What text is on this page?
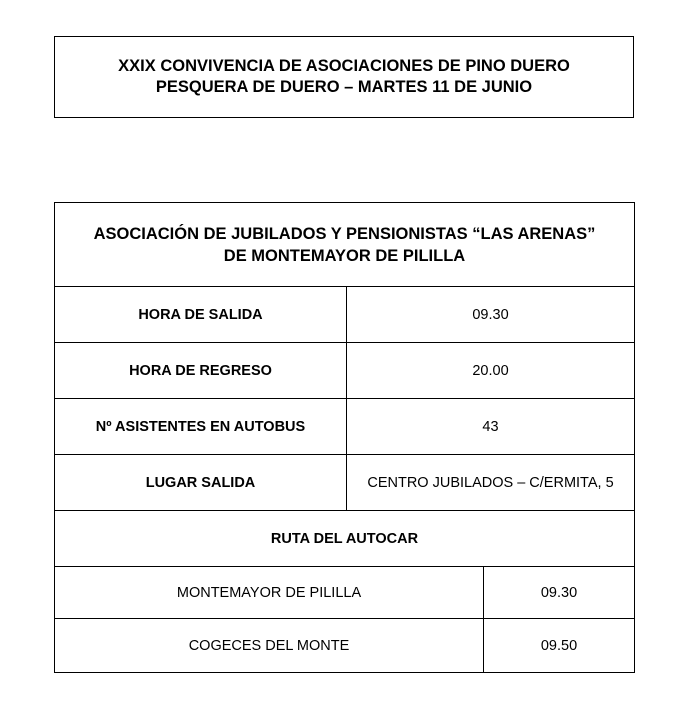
XXIX CONVIVENCIA DE ASOCIACIONES DE PINO DUERO
PESQUERA DE DUERO – MARTES 11 DE JUNIO
ASOCIACIÓN DE JUBILADOS Y PENSIONISTAS “LAS ARENAS” DE MONTEMAYOR DE PILILLA		
HORA DE SALIDA	09.30	
HORA DE REGRESO	20.00	
Nº ASISTENTES EN AUTOBUS	43	
LUGAR SALIDA	CENTRO JUBILADOS – C/ERMITA, 5	
RUTA DEL AUTOCAR		
MONTEMAYOR DE PILILLA		09.30
COGECES DEL MONTE		09.50
